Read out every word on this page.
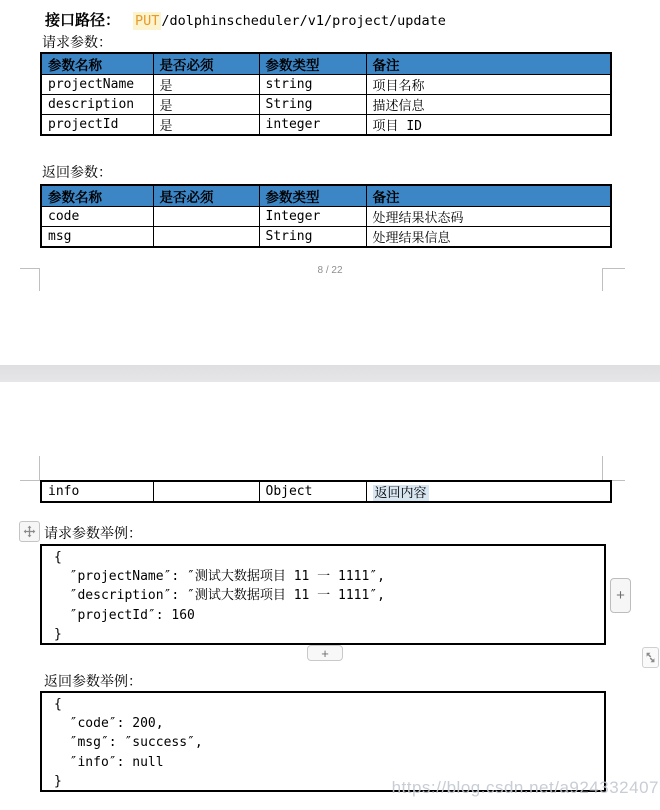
接口路径： PUT /dolphinscheduler/v1/project/update
请求参数：
参数名称	是否必须	参数类型	备注
projectName	是	string	项目名称
description	是	String	描述信息
projectId	是	integer	项目 ID
返回参数：
参数名称	是否必须	参数类型	备注
code		Integer	处理结果状态码
msg		String	处理结果信息
8 / 22
info		Object	返回内容
请求参数举例：
{
″projectName″: ″测试大数据项目 11 一 1111″,
″description″: ″测试大数据项目 11 一 1111″,
″projectId″: 160
}
+
+
返回参数举例：
{
″code″: 200,
″msg″: ″success″,
″info″: null
}	https://blog.csdn.net/a924332407
